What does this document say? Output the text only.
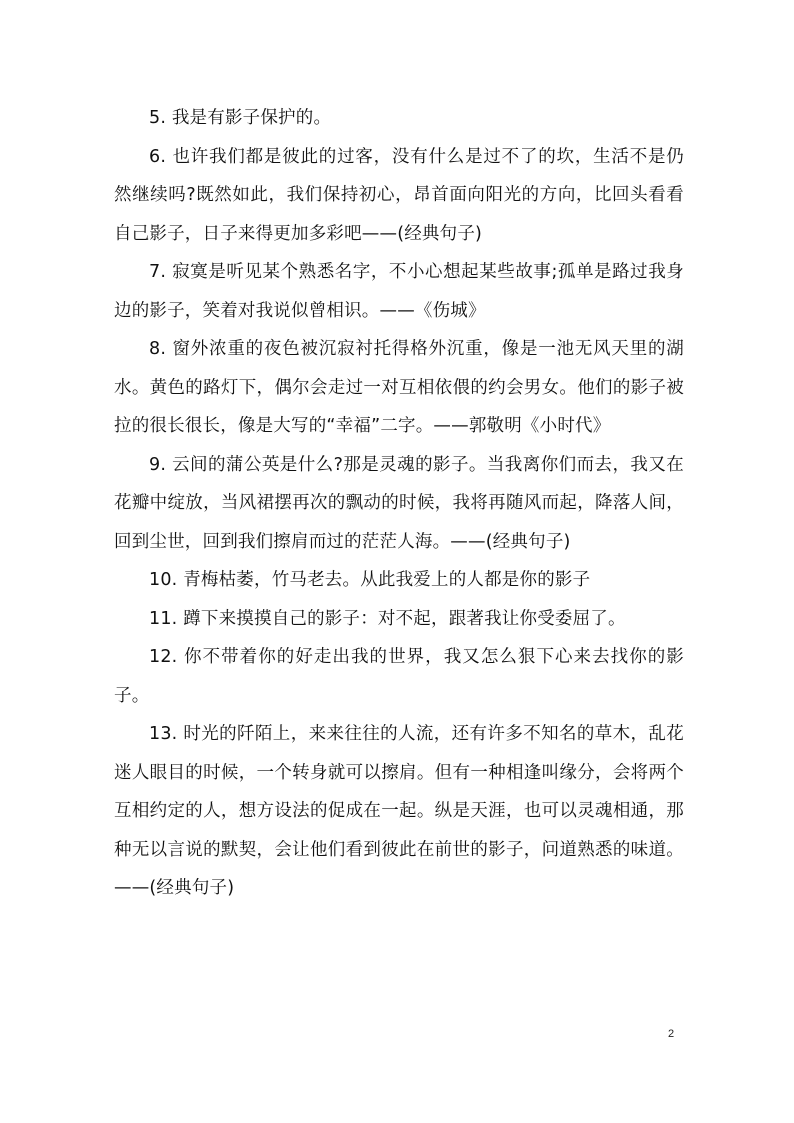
5. 我是有影子保护的。

6. 也许我们都是彼此的过客，没有什么是过不了的坎，生活不是仍然继续吗?既然如此，我们保持初心，昂首面向阳光的方向，比回头看看自己影子，日子来得更加多彩吧——(经典句子)

7. 寂寞是听见某个熟悉名字，不小心想起某些故事;孤单是路过我身边的影子，笑着对我说似曾相识。——《伤城》

8. 窗外浓重的夜色被沉寂衬托得格外沉重，像是一池无风天里的湖水。黄色的路灯下，偶尔会走过一对互相依偎的约会男女。他们的影子被拉的很长很长，像是大写的“幸福”二字。——郭敬明《小时代》

9. 云间的蒲公英是什么?那是灵魂的影子。当我离你们而去，我又在花瓣中绽放，当风裙摆再次的飘动的时候，我将再随风而起，降落人间，回到尘世，回到我们擦肩而过的茫茫人海。——(经典句子)

10. 青梅枯萎，竹马老去。从此我爱上的人都是你的影子

11. 蹲下来摸摸自己的影子：对不起，跟著我让你受委屈了。

12. 你不带着你的好走出我的世界，我又怎么狠下心来去找你的影子。

13. 时光的阡陌上，来来往往的人流，还有许多不知名的草木，乱花迷人眼目的时候，一个转身就可以擦肩。但有一种相逢叫缘分，会将两个互相约定的人，想方设法的促成在一起。纵是天涯，也可以灵魂相通，那种无以言说的默契，会让他们看到彼此在前世的影子，问道熟悉的味道。——(经典句子)

2
